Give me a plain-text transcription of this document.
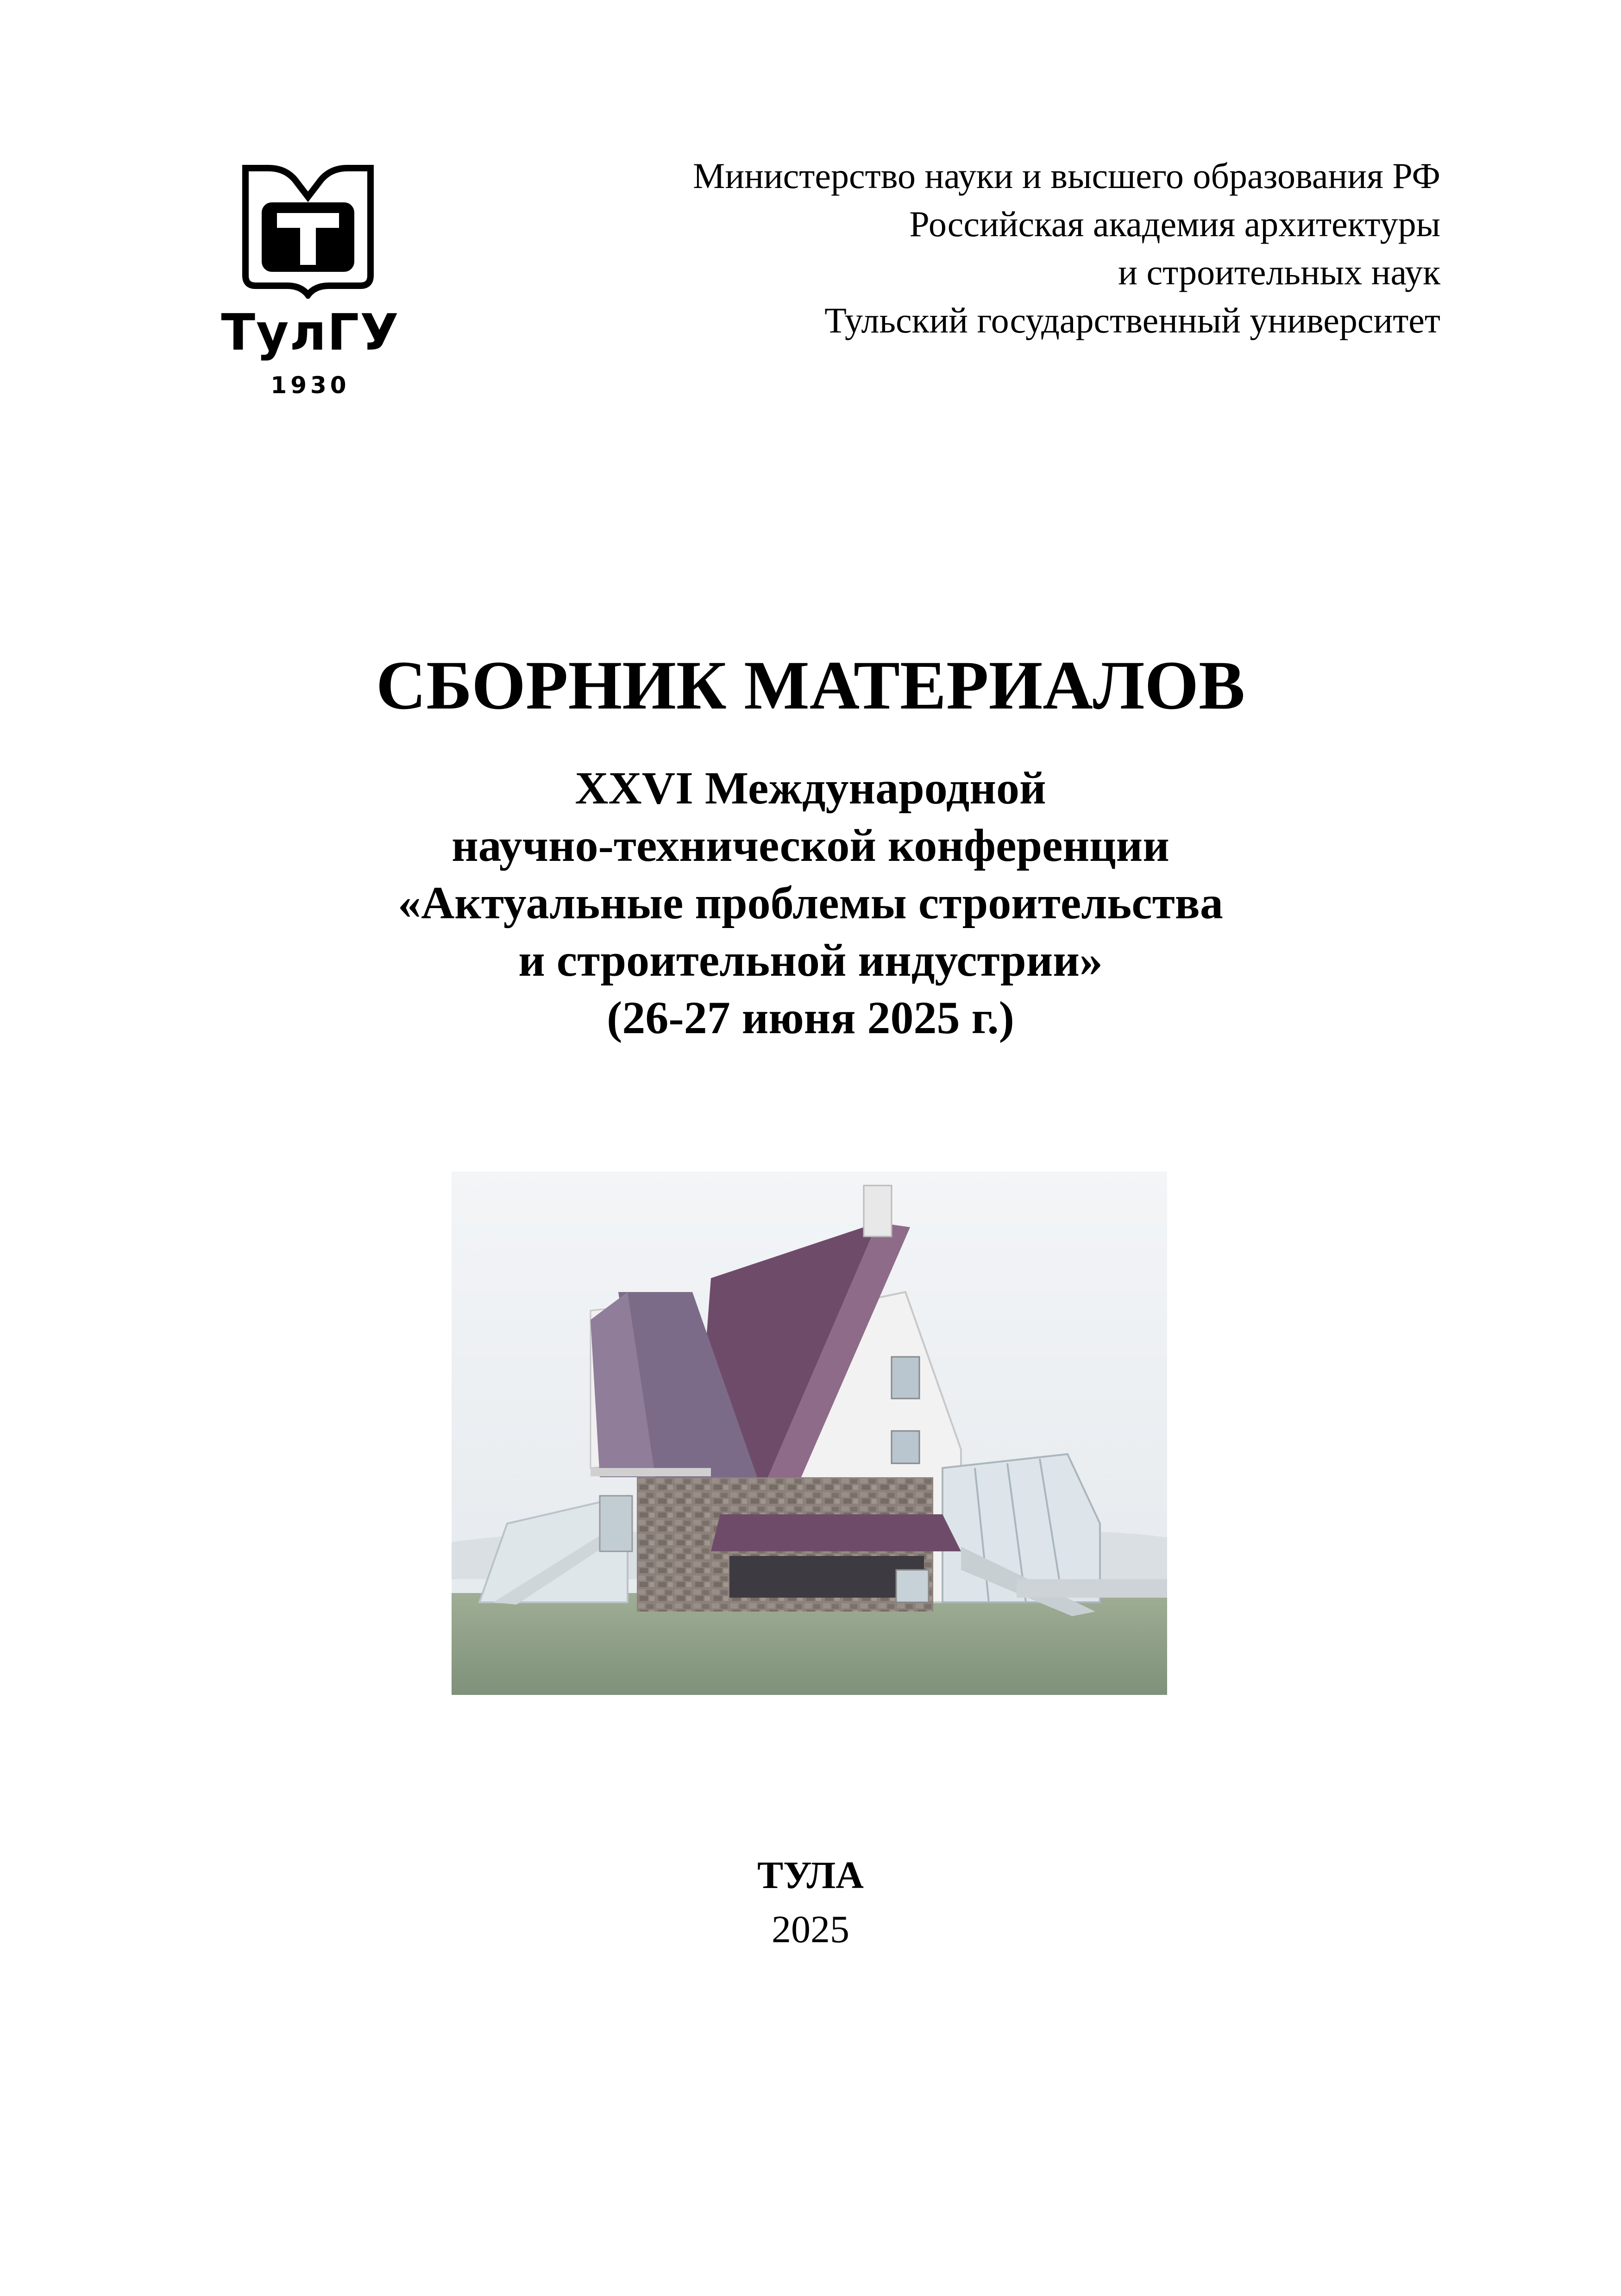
ТулГУ
1930
Министерство науки и высшего образования РФ
Российская академия архитектуры
и строительных наук
Тульский государственный университет
СБОРНИК МАТЕРИАЛОВ
XXVI Международной
научно-технической конференции
«Актуальные проблемы строительства
и строительной индустрии»
(26-27 июня 2025 г.)
ТУЛА
2025
